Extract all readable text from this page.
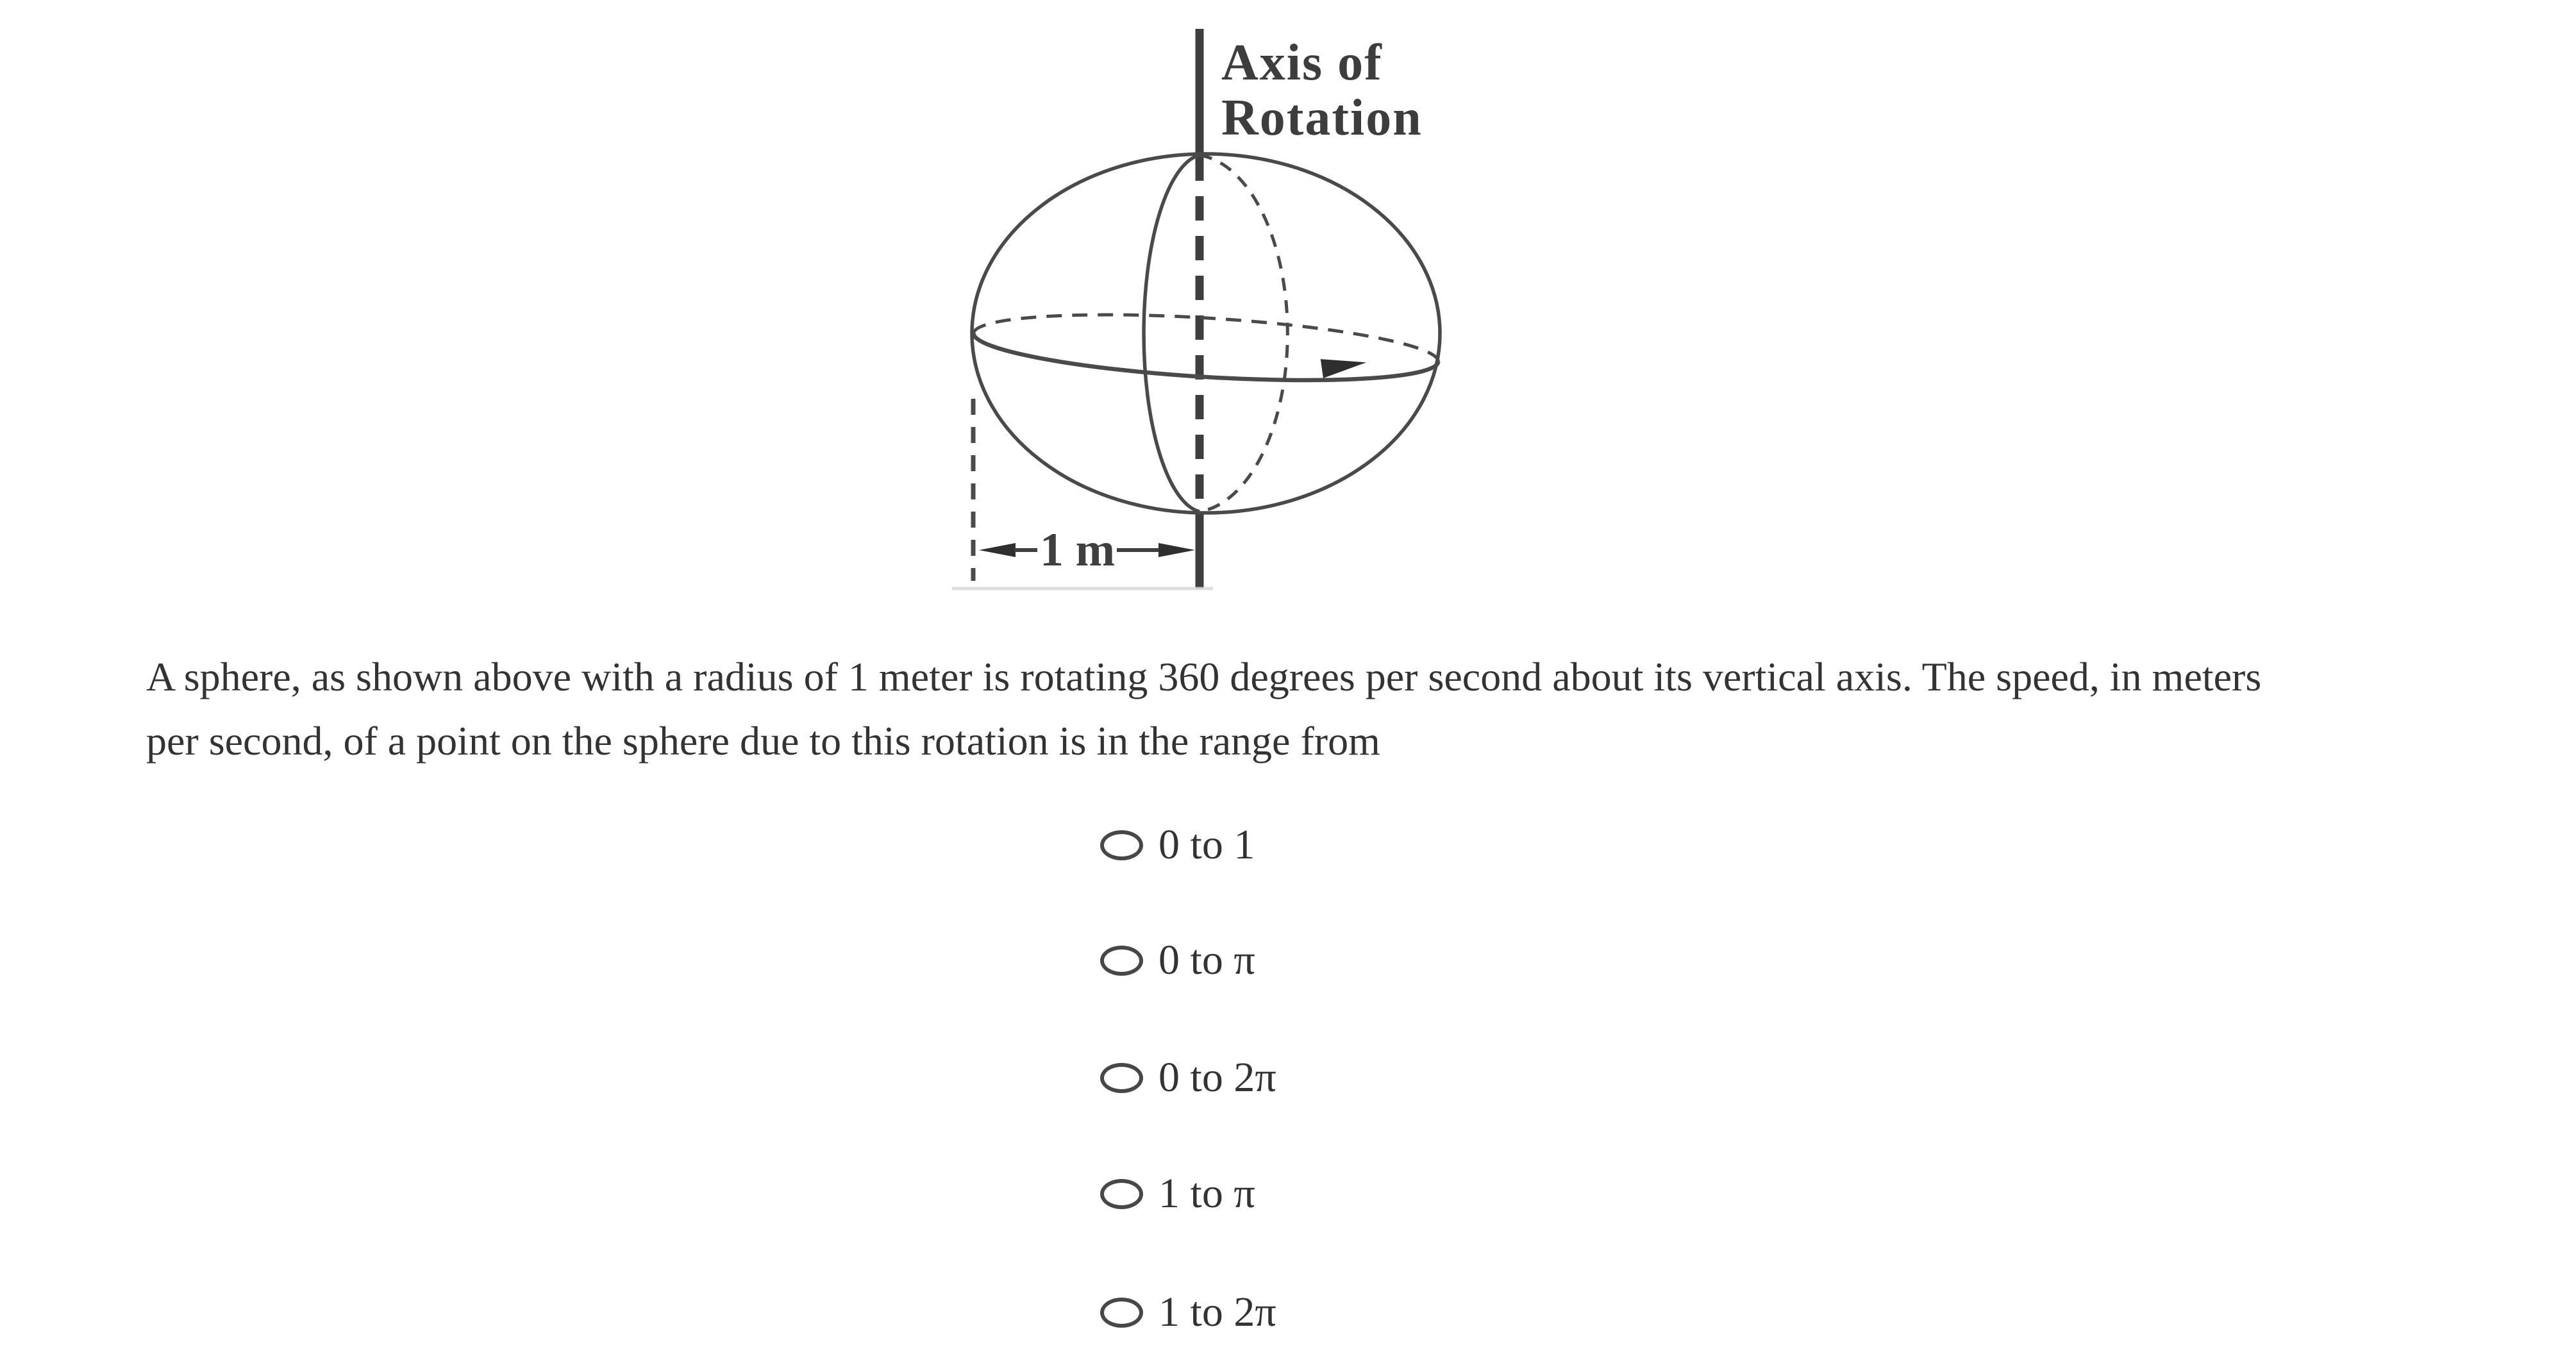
1 m
Axis of
Rotation
A sphere, as shown above with a radius of 1 meter is rotating 360 degrees per second about its vertical axis. The speed, in meters
per second, of a point on the sphere due to this rotation is in the range from
0 to 1
0 to π
0 to 2π
1 to π
1 to 2π
